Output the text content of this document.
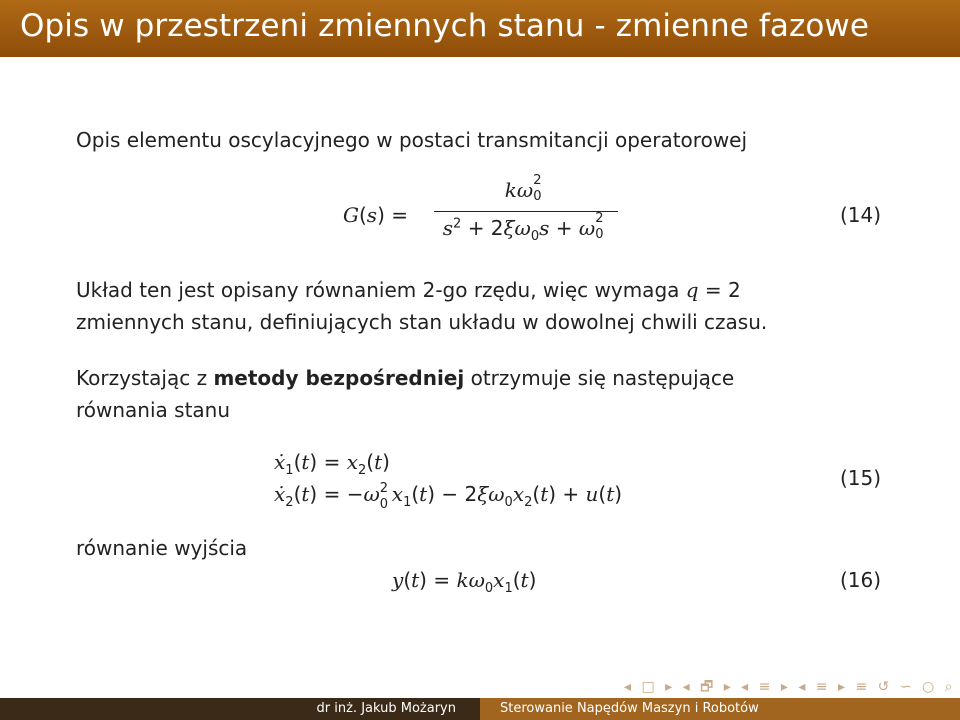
Opis w przestrzeni zmiennych stanu - zmienne fazowe
Opis elementu oscylacyjnego w postaci transmitancji operatorowej
G(s) =
kω 2
0
$s^2 + 2\xi\omega_0s + \omega$ 2
0
(14)
Układ ten jest opisany równaniem 2-go rzędu, więc wymaga q = 2
zmiennych stanu, definiujących stan układu w dowolnej chwili czasu.
Korzystając z metody bezpośredniej otrzymuje się następujące
równania stanu
ẋ$_1$(t) = $x_2(t)$
ẋ$_2$(t) = −ω 2
0 $x_1(t) - 2\xi\omega_0x_2(t) + u(t)$
(15)
równanie wyjścia
$y(t) = k\omega_0x_1(t)$	(16)
◂ □ ▸ ◂ 🗗 ▸ ◂ ≡ ▸ ◂ ≡ ▸ ≡ ↺ ∽ ○ ⌕
dr inż. Jakub Możaryn	Sterowanie Napędów Maszyn i Robotów
